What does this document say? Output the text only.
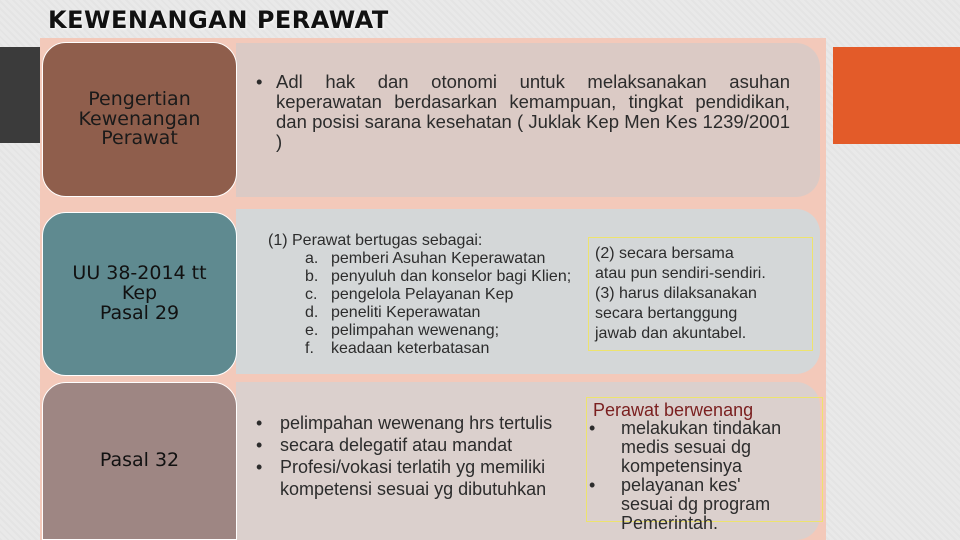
KEWENANGAN PERAWAT
Pengertian
Kewenangan
Perawat
• Adl hak dan otonomi untuk melaksanakan asuhan keperawatan berdasarkan kemampuan, tingkat pendidikan, dan posisi sarana kesehatan ( Juklak Kep Men Kes 1239/2001 )
UU 38-2014 tt
Kep
Pasal 29
(1) Perawat bertugas sebagai:
a. pemberi Asuhan Keperawatan
b. penyuluh dan konselor bagi Klien;
c. pengelola Pelayanan Kep
d. peneliti Keperawatan
e. pelimpahan wewenang;
f. keadaan keterbatasan
(2) secara bersama
atau pun sendiri-sendiri.
(3) harus dilaksanakan
secara bertanggung
jawab dan akuntabel.
Pasal 32
• pelimpahan wewenang hrs tertulis
• secara delegatif atau mandat
• Profesi/vokasi terlatih yg memiliki
kompetensi sesuai yg dibutuhkan
Perawat berwenang
• melakukan tindakan
medis sesuai dg
kompetensinya
• pelayanan kes'
sesuai dg program
Pemerintah.
